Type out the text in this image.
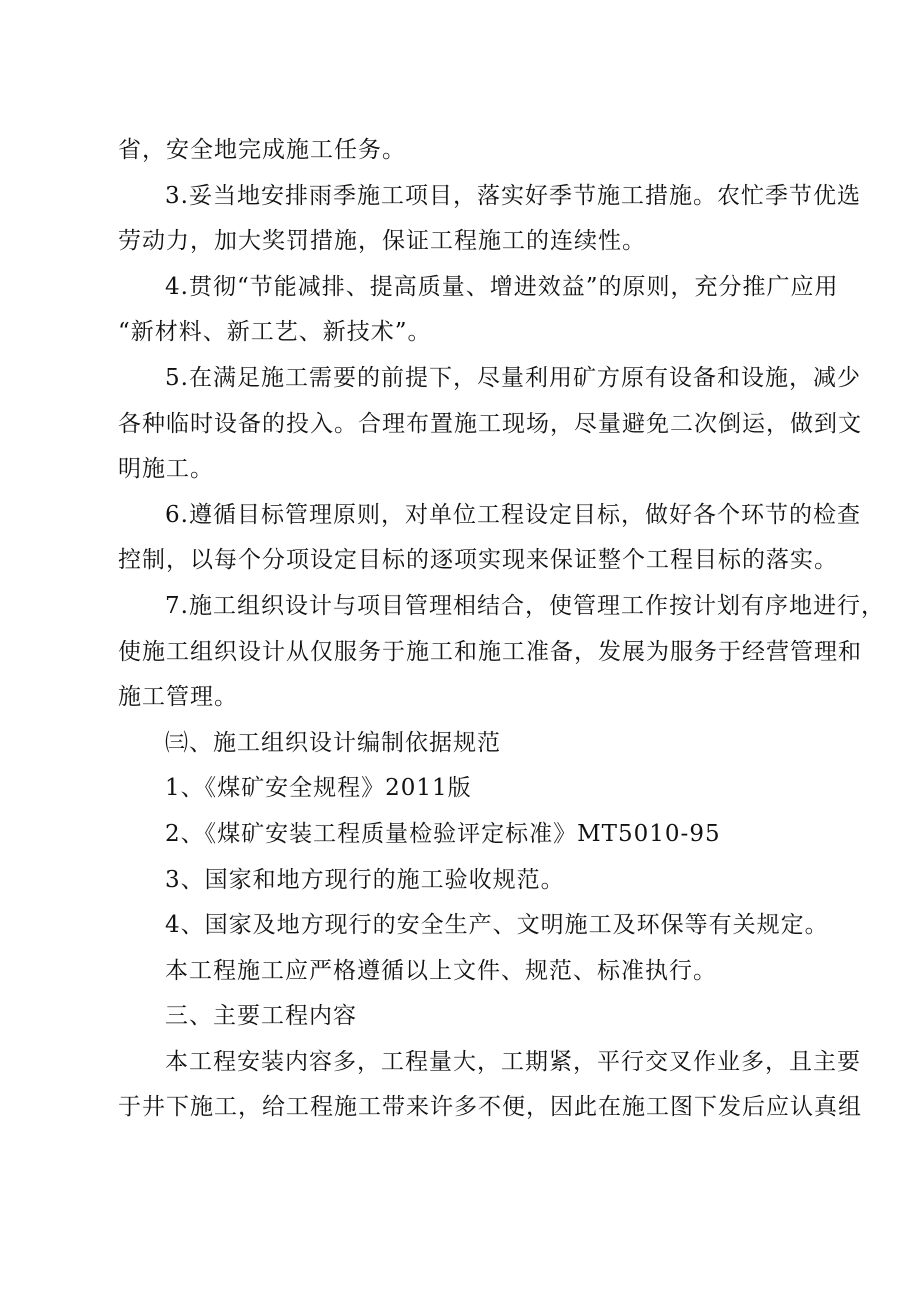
省，安全地完成施工任务。
3.妥当地安排雨季施工项目，落实好季节施工措施。农忙季节优选
劳动力，加大奖罚措施，保证工程施工的连续性。
4.贯彻“节能减排、提高质量、增进效益”的原则，充分推广应用
“新材料、新工艺、新技术”。
5.在满足施工需要的前提下，尽量利用矿方原有设备和设施，减少
各种临时设备的投入。合理布置施工现场，尽量避免二次倒运，做到文
明施工。
6.遵循目标管理原则，对单位工程设定目标，做好各个环节的检查
控制，以每个分项设定目标的逐项实现来保证整个工程目标的落实。
7.施工组织设计与项目管理相结合，使管理工作按计划有序地进行，
使施工组织设计从仅服务于施工和施工准备，发展为服务于经营管理和
施工管理。
㈢、施工组织设计编制依据规范
1、《煤矿安全规程》2011版
2、《煤矿安装工程质量检验评定标准》MT5010-95
3、国家和地方现行的施工验收规范。
4、国家及地方现行的安全生产、文明施工及环保等有关规定。
本工程施工应严格遵循以上文件、规范、标准执行。
三、主要工程内容
本工程安装内容多，工程量大，工期紧，平行交叉作业多，且主要
于井下施工，给工程施工带来许多不便，因此在施工图下发后应认真组
